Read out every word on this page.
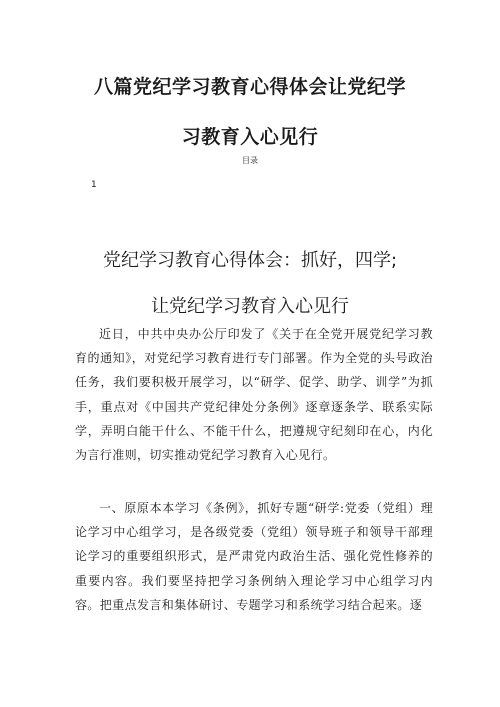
八篇党纪学习教育心得体会让党纪学
习教育入心见行
目录
1
党纪学习教育心得体会：抓好，四学;
让党纪学习教育入心见行

近日，中共中央办公厅印发了《关于在全党开展党纪学习教育的通知》，对党纪学习教育进行专门部署。作为全党的头号政治任务，我们要积极开展学习，以“研学、促学、助学、训学”为抓手，重点对《中国共产党纪律处分条例》逐章逐条学、联系实际学，弄明白能干什么、不能干什么，把遵规守纪刻印在心，内化为言行准则，切实推动党纪学习教育入心见行。

一、原原本本学习《条例》，抓好专题“研学:党委（党组）理论学习中心组学习，是各级党委（党组）领导班子和领导干部理论学习的重要组织形式，是严肃党内政治生活、强化党性修养的重要内容。我们要坚持把学习条例纳入理论学习中心组学习内容。把重点发言和集体研讨、专题学习和系统学习结合起来。逐
